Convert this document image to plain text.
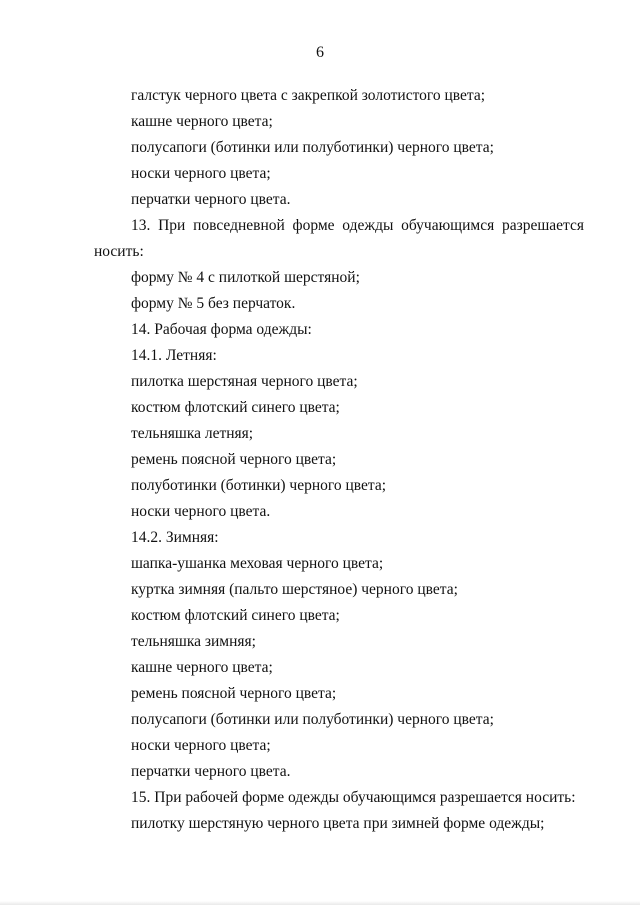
6
галстук черного цвета с закрепкой золотистого цвета;
кашне черного цвета;
полусапоги (ботинки или полуботинки) черного цвета;
носки черного цвета;
перчатки черного цвета.
13. При повседневной форме одежды обучающимся разрешается
носить:
форму № 4 с пилоткой шерстяной;
форму № 5 без перчаток.
14. Рабочая форма одежды:
14.1. Летняя:
пилотка шерстяная черного цвета;
костюм флотский синего цвета;
тельняшка летняя;
ремень поясной черного цвета;
полуботинки (ботинки) черного цвета;
носки черного цвета.
14.2. Зимняя:
шапка-ушанка меховая черного цвета;
куртка зимняя (пальто шерстяное) черного цвета;
костюм флотский синего цвета;
тельняшка зимняя;
кашне черного цвета;
ремень поясной черного цвета;
полусапоги (ботинки или полуботинки) черного цвета;
носки черного цвета;
перчатки черного цвета.
15. При рабочей форме одежды обучающимся разрешается носить:
пилотку шерстяную черного цвета при зимней форме одежды;
